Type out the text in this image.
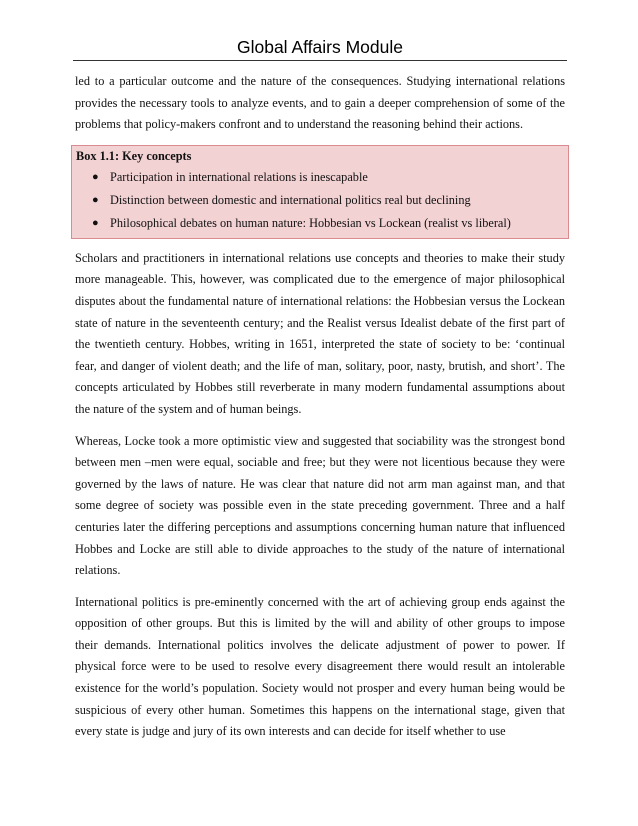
Global Affairs Module

led to a particular outcome and the nature of the consequences. Studying international relations provides the necessary tools to analyze events, and to gain a deeper comprehension of some of the problems that policy-makers confront and to understand the reasoning behind their actions.

Box 1.1: Key concepts
● Participation in international relations is inescapable
● Distinction between domestic and international politics real but declining
● Philosophical debates on human nature: Hobbesian vs Lockean (realist vs liberal)

Scholars and practitioners in international relations use concepts and theories to make their study more manageable. This, however, was complicated due to the emergence of major philosophical disputes about the fundamental nature of international relations: the Hobbesian versus the Lockean state of nature in the seventeenth century; and the Realist versus Idealist debate of the first part of the twentieth century. Hobbes, writing in 1651, interpreted the state of society to be: ‘continual fear, and danger of violent death; and the life of man, solitary, poor, nasty, brutish, and short’. The concepts articulated by Hobbes still reverberate in many modern fundamental assumptions about the nature of the system and of human beings.

Whereas, Locke took a more optimistic view and suggested that sociability was the strongest bond between men –men were equal, sociable and free; but they were not licentious because they were governed by the laws of nature. He was clear that nature did not arm man against man, and that some degree of society was possible even in the state preceding government. Three and a half centuries later the differing perceptions and assumptions concerning human nature that influenced Hobbes and Locke are still able to divide approaches to the study of the nature of international relations.

International politics is pre-eminently concerned with the art of achieving group ends against the opposition of other groups. But this is limited by the will and ability of other groups to impose their demands. International politics involves the delicate adjustment of power to power. If physical force were to be used to resolve every disagreement there would result an intolerable existence for the world’s population. Society would not prosper and every human being would be suspicious of every other human. Sometimes this happens on the international stage, given that every state is judge and jury of its own interests and can decide for itself whether to use
